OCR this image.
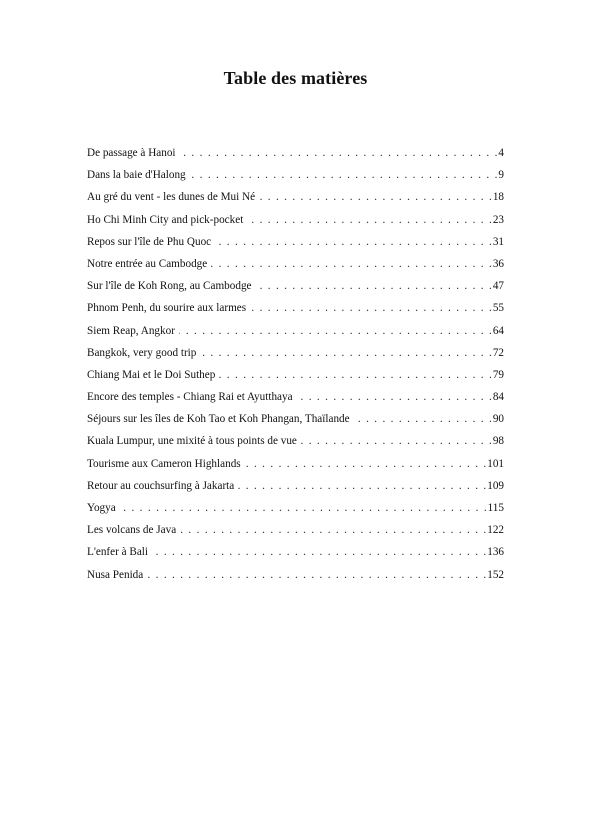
Table des matières
De passage à Hanoi . . .	4
Dans la baie d'Halong . . .	9
Au gré du vent - les dunes de Mui Né . . .	18
Ho Chi Minh City and pick-pocket . . .	23
Repos sur l'île de Phu Quoc . . .	31
Notre entrée au Cambodge . . .	36
Sur l'île de Koh Rong, au Cambodge . . .	47
Phnom Penh, du sourire aux larmes . . .	55
Siem Reap, Angkor . . .	64
Bangkok, very good trip . . .	72
Chiang Mai et le Doi Suthep . . .	79
Encore des temples - Chiang Rai et Ayutthaya . . .	84
Séjours sur les îles de Koh Tao et Koh Phangan, Thaïlande . . .	90
Kuala Lumpur, une mixité à tous points de vue . . .	98
Tourisme aux Cameron Highlands . . .	101
Retour au couchsurfing à Jakarta . . .	109
Yogya . . .	115
Les volcans de Java . . .	122
L'enfer à Bali . . .	136
Nusa Penida . . .	152
